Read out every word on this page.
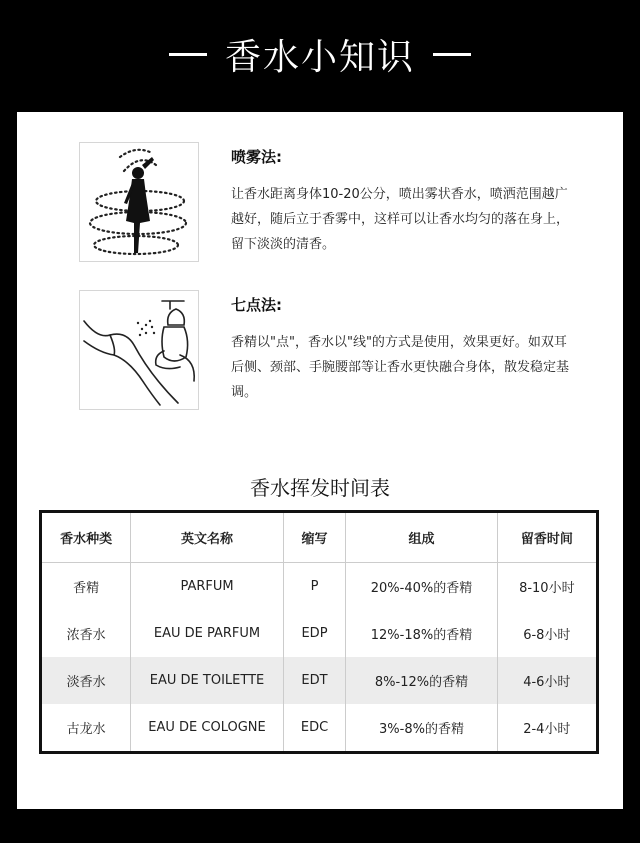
香水小知识
喷雾法:
让香水距离身体10-20公分，喷出雾状香水，喷洒范围越广越好，随后立于香雾中，这样可以让香水均匀的落在身上，留下淡淡的清香。
七点法:
香精以"点"，香水以"线"的方式是使用，效果更好。如双耳后侧、颈部、手腕腰部等让香水更快融合身体，散发稳定基调。
香水挥发时间表
香水种类	英文名称	缩写	组成	留香时间
香精	PARFUM	P	20%-40%的香精	8-10小时
浓香水	EAU DE PARFUM	EDP	12%-18%的香精	6-8小时
淡香水	EAU DE TOILETTE	EDT	8%-12%的香精	4-6小时
古龙水	EAU DE COLOGNE	EDC	3%-8%的香精	2-4小时
